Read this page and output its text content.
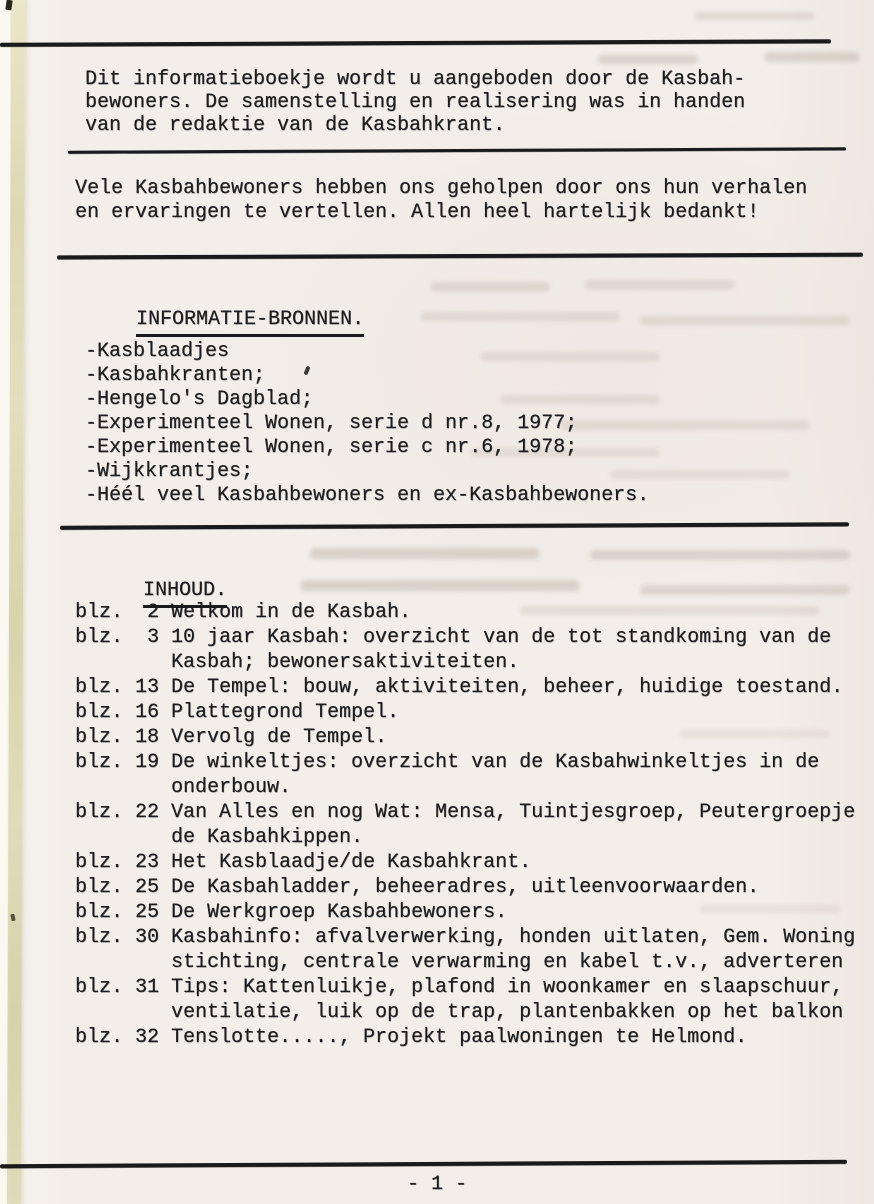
Dit informatieboekje wordt u aangeboden door de Kasbah-
bewoners. De samenstelling en realisering was in handen
van de redaktie van de Kasbahkrant.
Vele Kasbahbewoners hebben ons geholpen door ons hun verhalen
en ervaringen te vertellen. Allen heel hartelijk bedankt!

INFORMATIE-BRONNEN.

-Kasblaadjes
-Kasbahkranten;
-Hengelo's Dagblad;
-Experimenteel Wonen, serie d nr.8, 1977;
-Experimenteel Wonen, serie c nr.6, 1978;
-Wijkkrantjes;
-Héél veel Kasbahbewoners en ex-Kasbahbewoners.

INHOUD.

blz.  2 Welkom in de Kasbah.
blz.  3 10 jaar Kasbah: overzicht van de tot standkoming van de
Kasbah; bewonersaktiviteiten.
blz. 13 De Tempel: bouw, aktiviteiten, beheer, huidige toestand.
blz. 16 Plattegrond Tempel.
blz. 18 Vervolg de Tempel.
blz. 19 De winkeltjes: overzicht van de Kasbahwinkeltjes in de
onderbouw.
blz. 22 Van Alles en nog Wat: Mensa, Tuintjesgroep, Peutergroepje
de Kasbahkippen.
blz. 23 Het Kasblaadje/de Kasbahkrant.
blz. 25 De Kasbahladder, beheeradres, uitleenvoorwaarden.
blz. 25 De Werkgroep Kasbahbewoners.
blz. 30 Kasbahinfo: afvalverwerking, honden uitlaten, Gem. Woning
stichting, centrale verwarming en kabel t.v., adverteren
blz. 31 Tips: Kattenluikje, plafond in woonkamer en slaapschuur,
ventilatie, luik op de trap, plantenbakken op het balkon
blz. 32 Tenslotte....., Projekt paalwoningen te Helmond.
- 1 -
